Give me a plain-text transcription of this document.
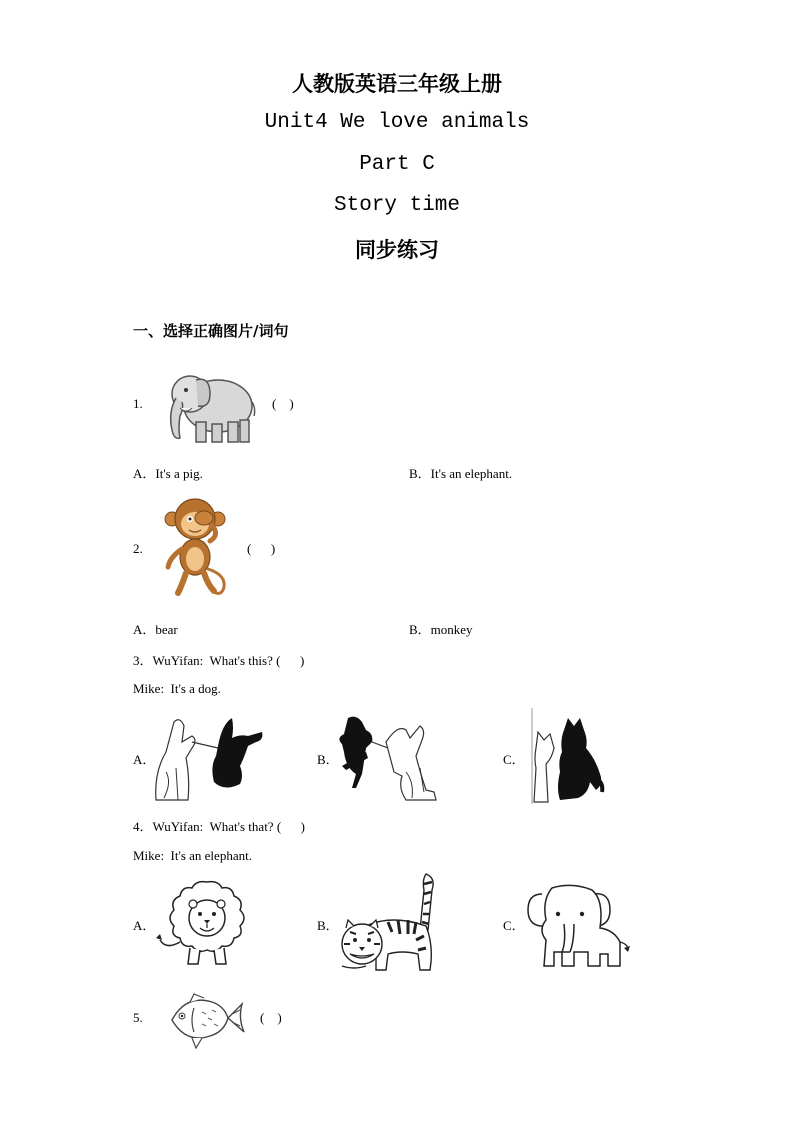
人教版英语三年级上册
Unit4 We love animals
Part C
Story time
同步练习
一、选择正确图片/词句
1.	(    )
A．It's a pig.	B．It's an elephant.
2.	(      )
A．bear	B．monkey
3．WuYifan:  What's this? (      )
Mike:  It's a dog.
A．	B．	C．
4．WuYifan:  What's that? (      )
Mike:  It's an elephant.
A．	B．	C．
5.	(    )
